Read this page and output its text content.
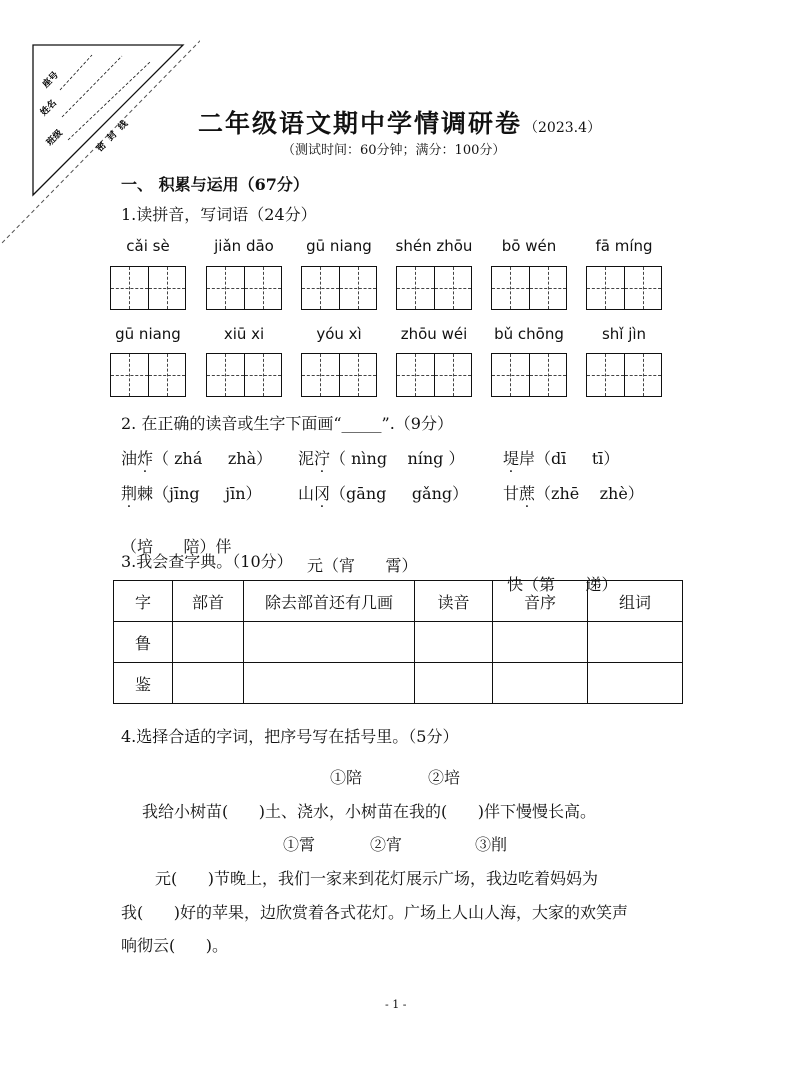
座号
姓名
班级	密  封  线	二年级语文期中学情调研卷 （2023.4）
（测试时间：60分钟；满分：100分）
一、 积累与运用（67分）
1.读拼音，写词语（24分）
cǎi sè	jiǎn dāo	gū niang	shén zhōu	bō wén	fā míng
gū niang	xiū xi	yóu xì	zhōu wéi	bǔ chōng	shǐ jìn
2. 在正确的读音或生字下面画“_____”.（9分）
油炸（ zhá zhà）	泥泞（ nìng níng ）	堤岸（dī tī）
荆棘（jīng jīn）	山冈（gāng gǎng）	甘蔗（zhē zhè）

（培      陪）伴

元（宵      霄）

快（第      递）

3.我会查字典。（10分）
字	部首	除去部首还有几画	读音	音序	组词
鲁					
鉴					
4.选择合适的字词，把序号写在括号里。（5分）
①陪	②培
我给小树苗(      )土、浇水，小树苗在我的(      )伴下慢慢长高。
①霄	②宵	③削
元(      )节晚上，我们一家来到花灯展示广场，我边吃着妈妈为
我(      )好的苹果，边欣赏着各式花灯。广场上人山人海，大家的欢笑声
响彻云(      )。
- 1 -
